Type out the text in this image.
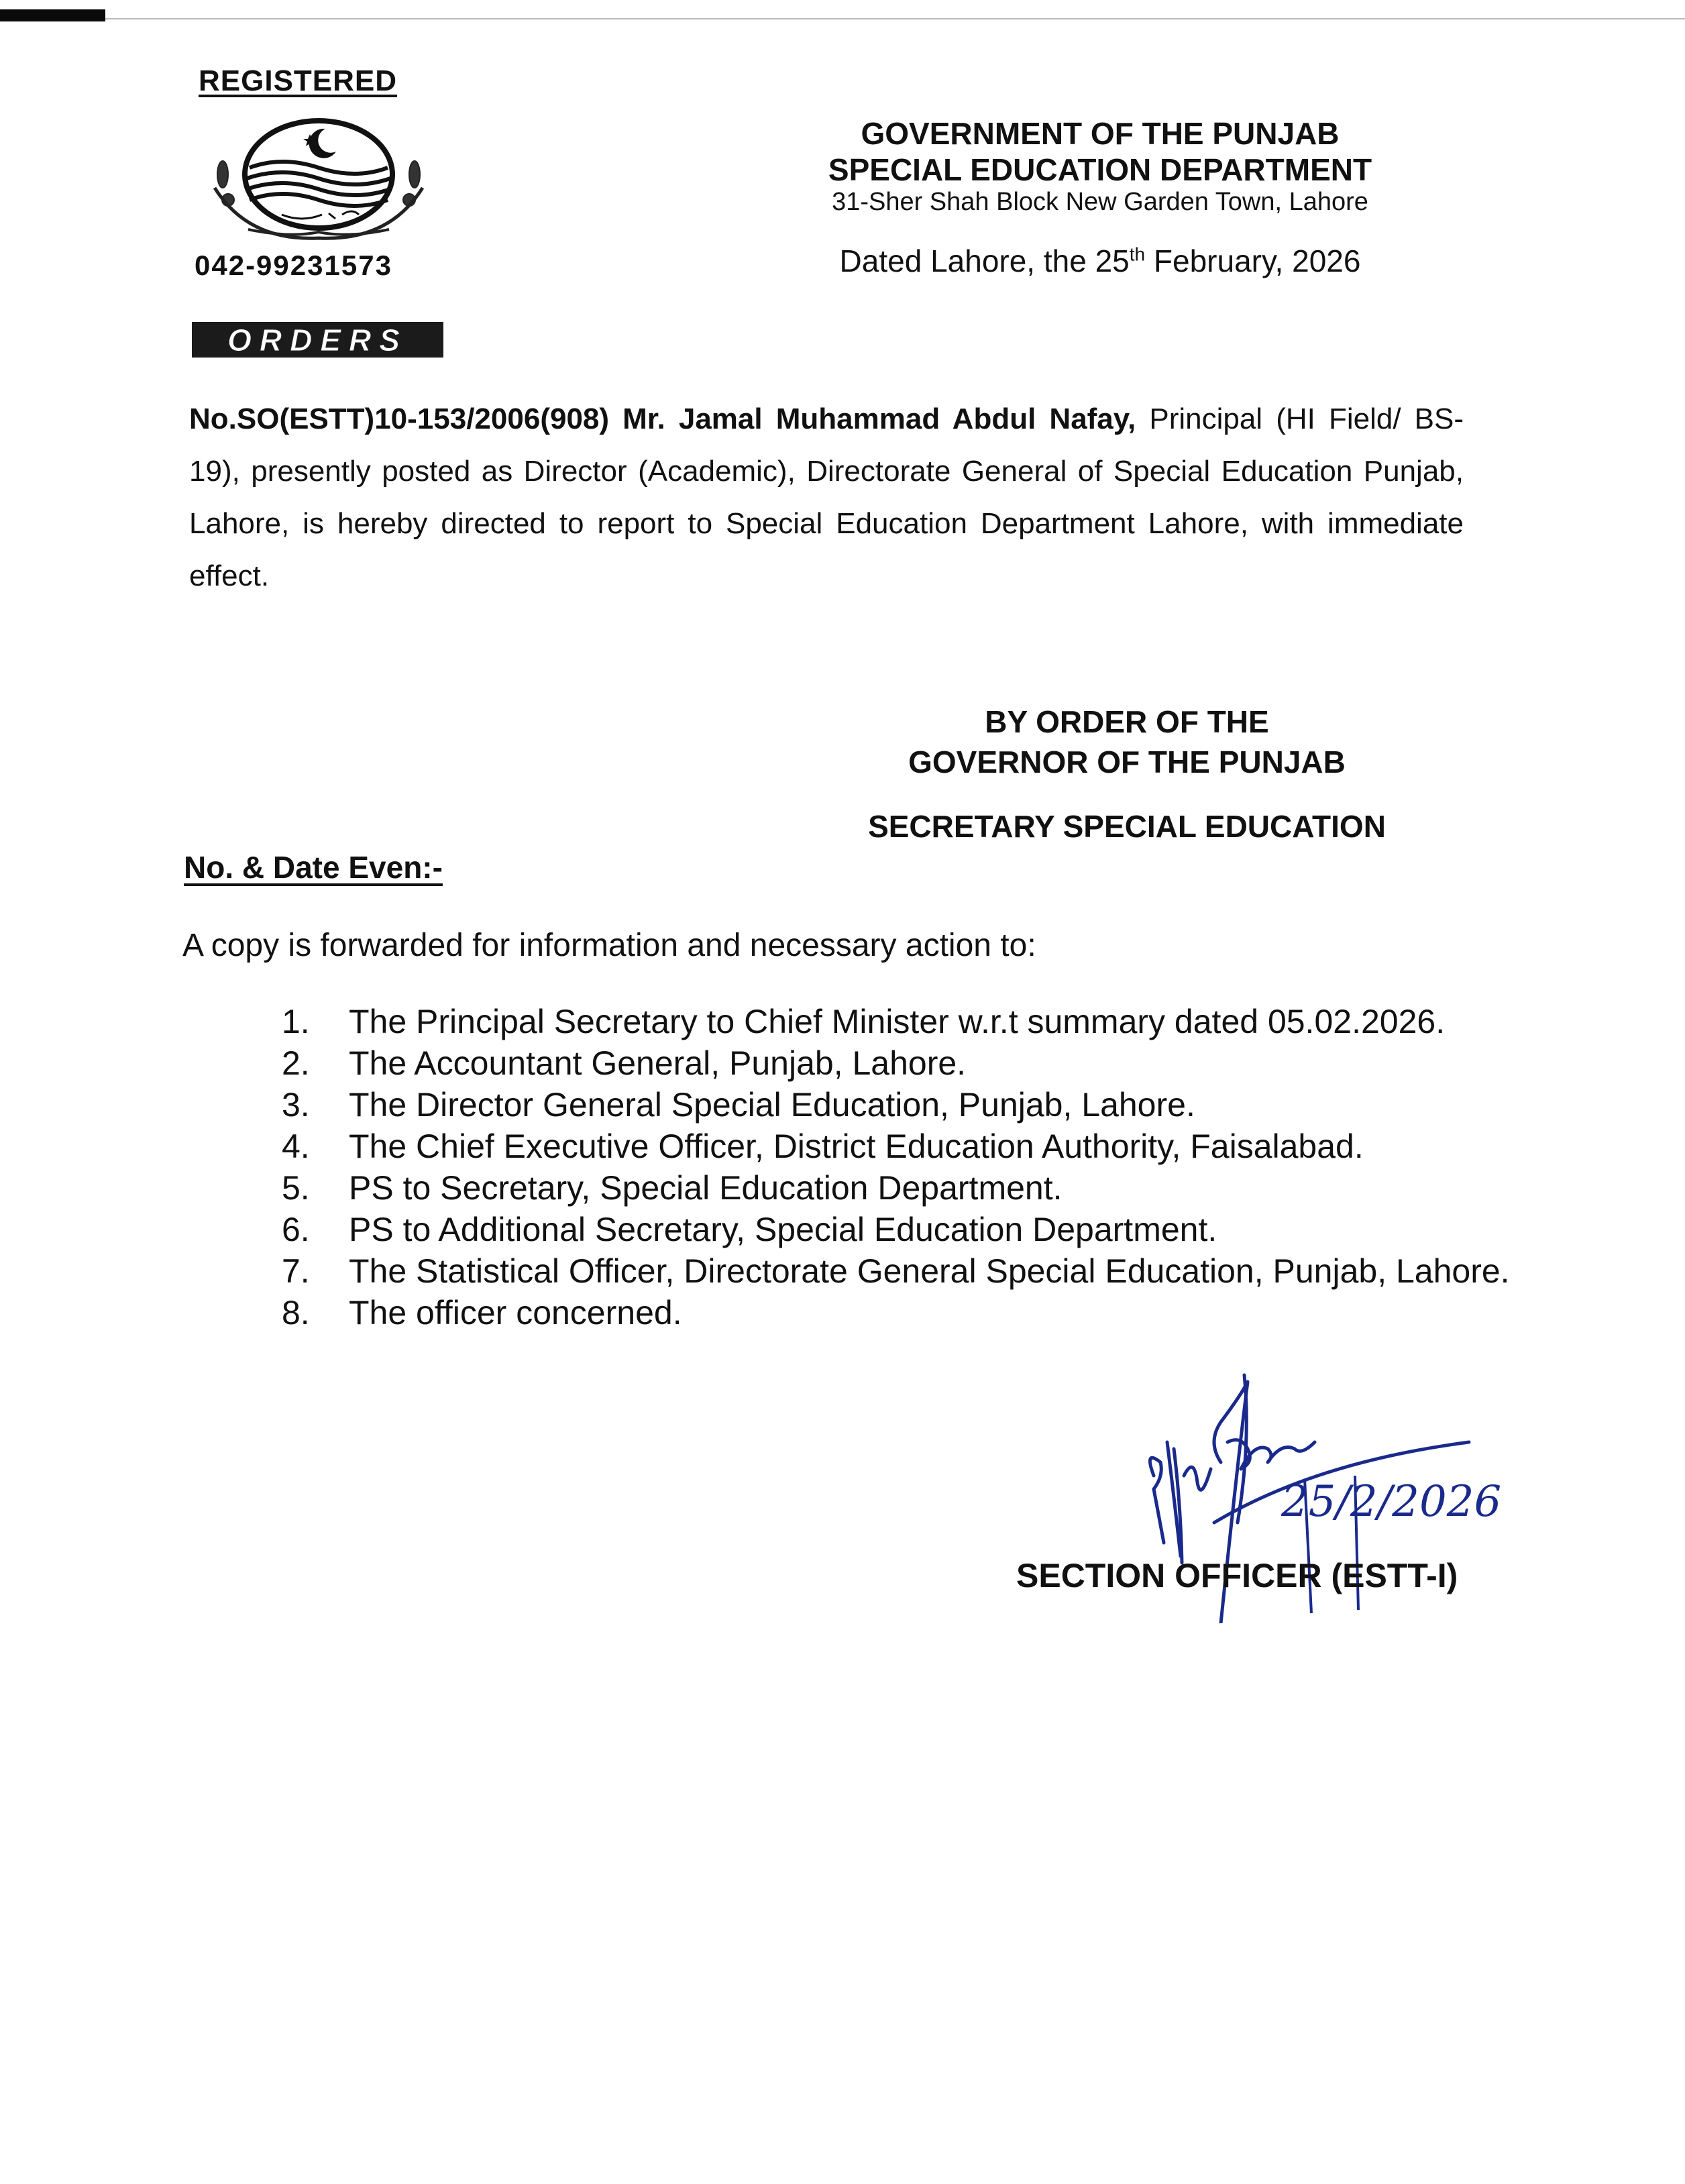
REGISTERED
042-99231573
GOVERNMENT OF THE PUNJAB
SPECIAL EDUCATION DEPARTMENT
31-Sher Shah Block New Garden Town, Lahore
Dated Lahore, the 25th February, 2026
ORDERS
No.SO(ESTT)10-153/2006(908) Mr. Jamal Muhammad Abdul Nafay, Principal (HI Field/ BS-19), presently posted as Director (Academic), Directorate General of Special Education Punjab, Lahore, is hereby directed to report to Special Education Department Lahore, with immediate effect.
BY ORDER OF THE
GOVERNOR OF THE PUNJAB
SECRETARY SPECIAL EDUCATION
No. & Date Even:-
A copy is forwarded for information and necessary action to:
1.	The Principal Secretary to Chief Minister w.r.t summary dated 05.02.2026.
2.	The Accountant General, Punjab, Lahore.
3.	The Director General Special Education, Punjab, Lahore.
4.	The Chief Executive Officer, District Education Authority, Faisalabad.
5.	PS to Secretary, Special Education Department.
6.	PS to Additional Secretary, Special Education Department.
7.	The Statistical Officer, Directorate General Special Education, Punjab, Lahore.
8.	The officer concerned.
25/2/2026
SECTION OFFICER (ESTT-I)
